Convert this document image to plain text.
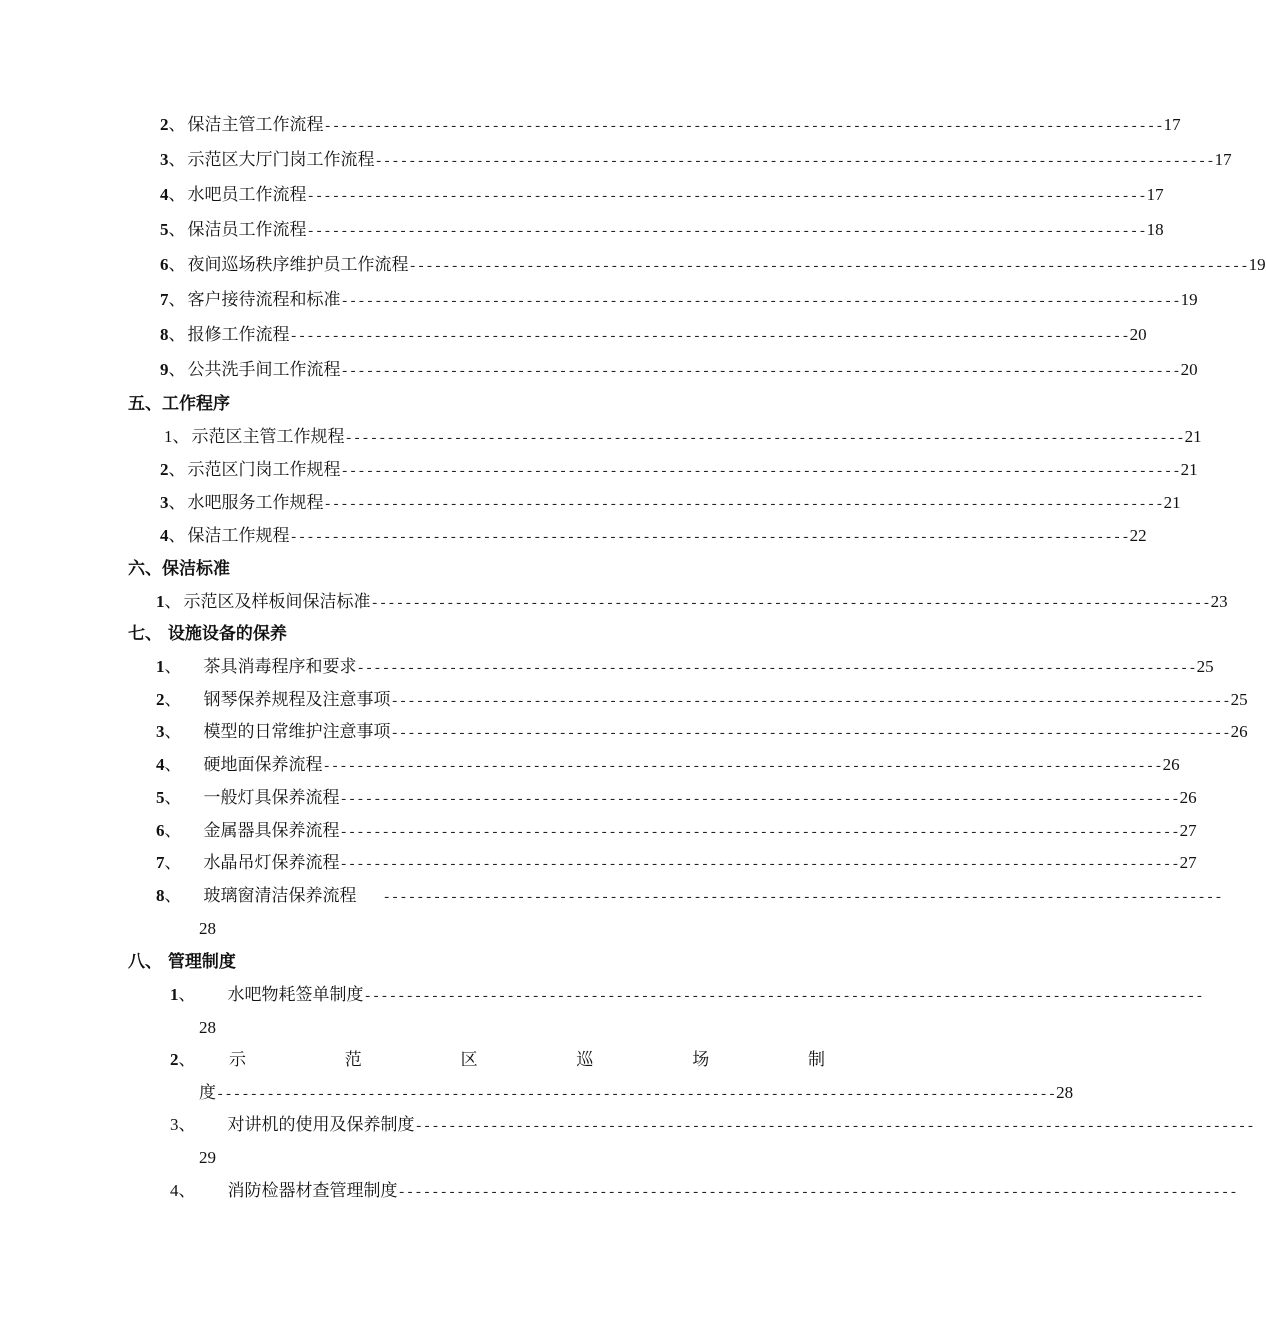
2 、 保洁主管工作流程 ---------------------------------------------------------------------------------------------------- 17
3 、 示范区大厅门岗工作流程 ---------------------------------------------------------------------------------------------------- 17
4 、 水吧员工作流程 ---------------------------------------------------------------------------------------------------- 17
5 、 保洁员工作流程 ---------------------------------------------------------------------------------------------------- 18
6 、 夜间巡场秩序维护员工作流程 ---------------------------------------------------------------------------------------------------- 19
7 、 客户接待流程和标准 ---------------------------------------------------------------------------------------------------- 19
8 、 报修工作流程 ---------------------------------------------------------------------------------------------------- 20
9 、 公共洗手间工作流程 ---------------------------------------------------------------------------------------------------- 20
五、工作程序
1 、 示范区主管工作规程 ---------------------------------------------------------------------------------------------------- 21
2 、 示范区门岗工作规程 ---------------------------------------------------------------------------------------------------- 21
3 、 水吧服务工作规程 ---------------------------------------------------------------------------------------------------- 21
4 、 保洁工作规程 ---------------------------------------------------------------------------------------------------- 22
六、保洁标准
1 、 示范区及样板间保洁标准 ---------------------------------------------------------------------------------------------------- 23
七、 设施设备的保养
1 、 茶具消毒程序和要求 ---------------------------------------------------------------------------------------------------- 25
2 、 钢琴保养规程及注意事项 ---------------------------------------------------------------------------------------------------- 25
3 、 模型的日常维护注意事项 ---------------------------------------------------------------------------------------------------- 26
4 、 硬地面保养流程 ---------------------------------------------------------------------------------------------------- 26
5 、 一般灯具保养流程 ---------------------------------------------------------------------------------------------------- 26
6 、 金属器具保养流程 ---------------------------------------------------------------------------------------------------- 27
7 、 水晶吊灯保养流程 ---------------------------------------------------------------------------------------------------- 27
8 、 玻璃窗清洁保养流程 ----------------------------------------------------------------------------------------------------
28
八、 管理制度
1 、 水吧物耗签单制度 ----------------------------------------------------------------------------------------------------
28
2、 示	范	区	巡	场	制
度 ---------------------------------------------------------------------------------------------------- 28
3 、 对讲机的使用及保养制度 ----------------------------------------------------------------------------------------------------
29
4 、 消防检器材查管理制度 ----------------------------------------------------------------------------------------------------
